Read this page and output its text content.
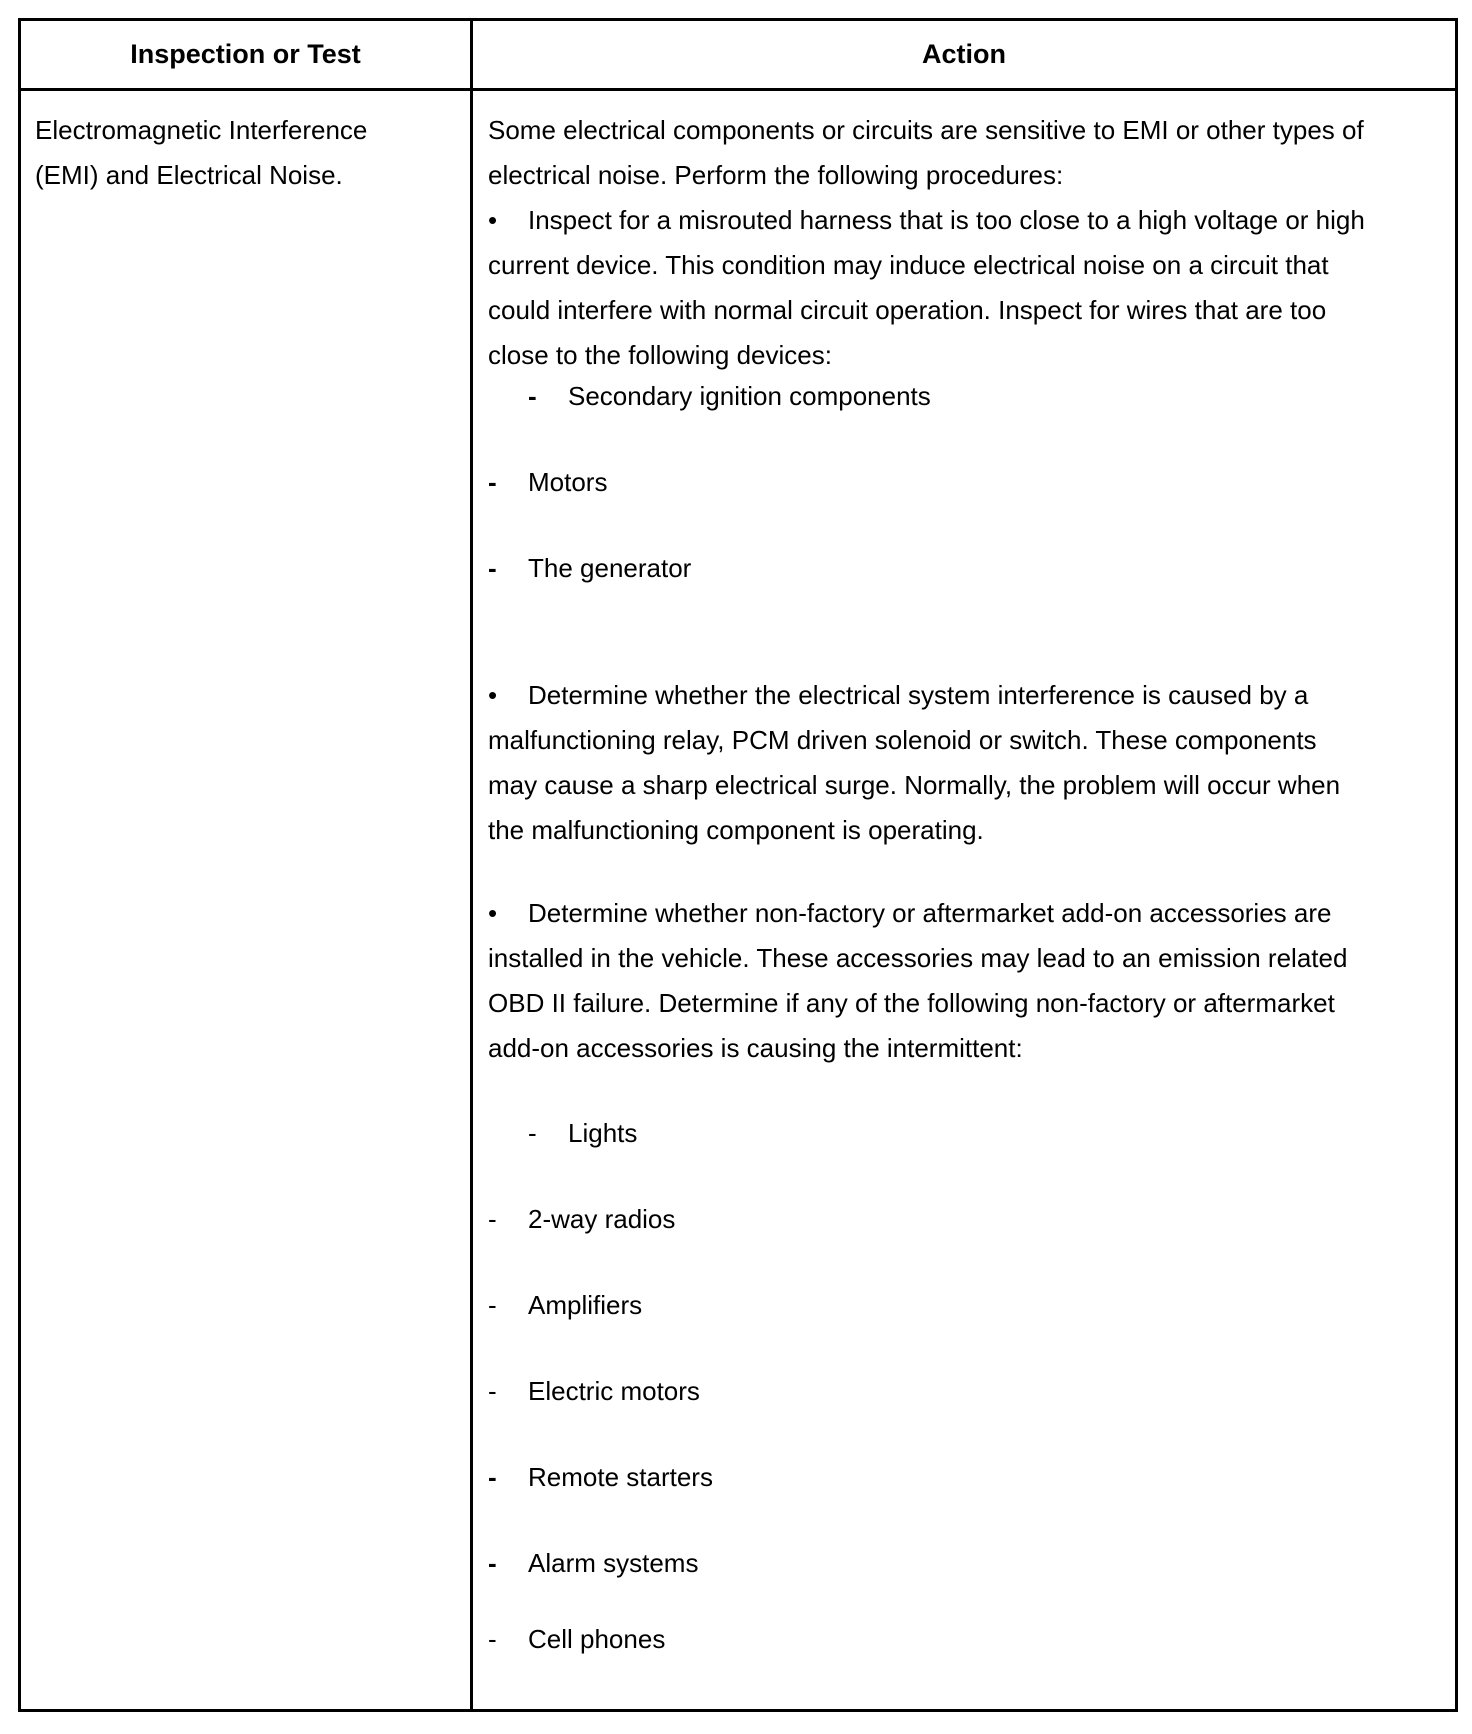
Inspection or Test	Action
Electromagnetic Interference
(EMI) and Electrical Noise.

Some electrical components or circuits are sensitive to EMI or other types of electrical noise. Perform the following procedures:

• Inspect for a misrouted harness that is too close to a high voltage or high current device. This condition may induce electrical noise on a circuit that could interfere with normal circuit operation. Inspect for wires that are too close to the following devices:

- Secondary ignition components
- Motors
- The generator

• Determine whether the electrical system interference is caused by a malfunctioning relay, PCM driven solenoid or switch. These components may cause a sharp electrical surge. Normally, the problem will occur when the malfunctioning component is operating.

• Determine whether non-factory or aftermarket add-on accessories are installed in the vehicle. These accessories may lead to an emission related OBD II failure. Determine if any of the following non-factory or aftermarket add-on accessories is causing the intermittent:

- Lights
- 2-way radios
- Amplifiers
- Electric motors
- Remote starters
- Alarm systems
- Cell phones
